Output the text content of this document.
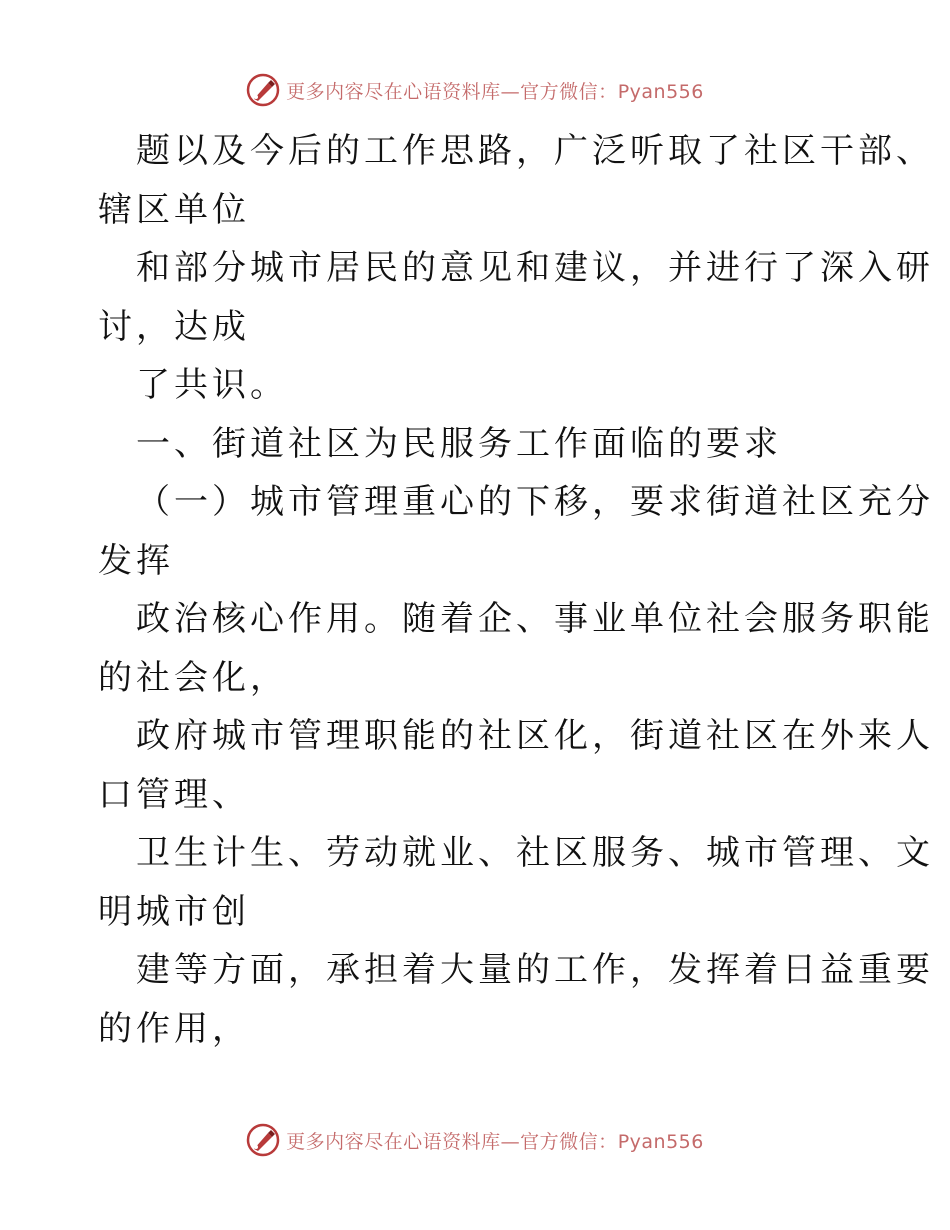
更多内容尽在心语资料库—官方微信：Pyan556
题以及今后的工作思路，广泛听取了社区干部、
辖区单位
和部分城市居民的意见和建议，并进行了深入研
讨，达成
了共识。
一、街道社区为民服务工作面临的要求
（一）城市管理重心的下移，要求街道社区充分
发挥
政治核心作用。随着企、事业单位社会服务职能
的社会化，
政府城市管理职能的社区化，街道社区在外来人
口管理、
卫生计生、劳动就业、社区服务、城市管理、文
明城市创
建等方面，承担着大量的工作，发挥着日益重要
的作用，
更多内容尽在心语资料库—官方微信：Pyan556
